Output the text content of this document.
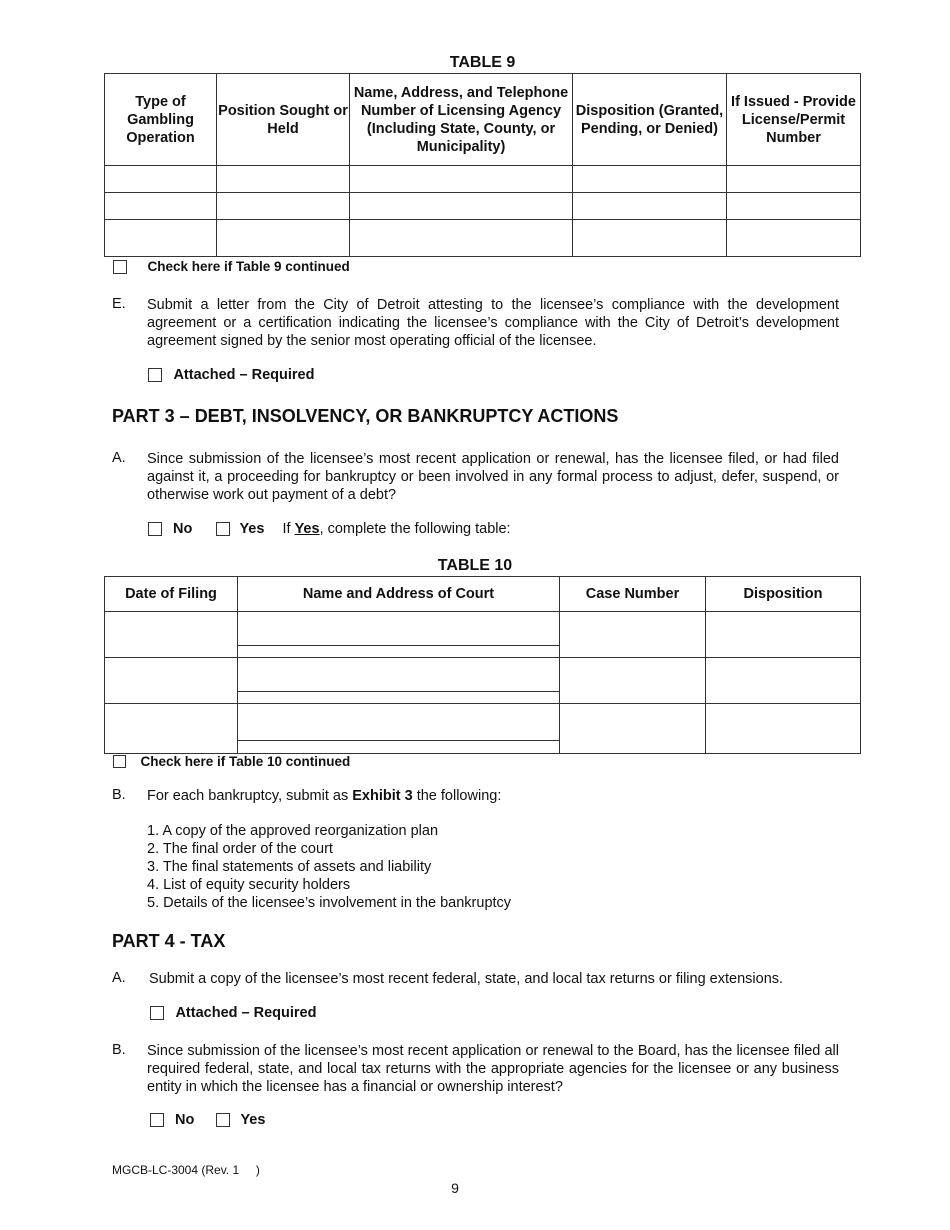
TABLE 9
Type of Gambling Operation	Position Sought or Held	Name, Address, and Telephone Number of Licensing Agency (Including State, County, or Municipality)	Disposition (Granted, Pending, or Denied)	If Issued - Provide License/Permit Number

Check here if Table 9 continued
E. Submit a letter from the City of Detroit attesting to the licensee’s compliance with the development agreement or a certification indicating the licensee’s compliance with the City of Detroit’s development agreement signed by the senior most operating official of the licensee.
Attached – Required
PART 3 – DEBT, INSOLVENCY, OR BANKRUPTCY ACTIONS
A. Since submission of the licensee’s most recent application or renewal, has the licensee filed, or had filed against it, a proceeding for bankruptcy or been involved in any formal process to adjust, defer, suspend, or otherwise work out payment of a debt?
No	Yes If Yes, complete the following table:
TABLE 10
Date of Filing	Name and Address of Court	Case Number	Disposition

Check here if Table 10 continued
B. For each bankruptcy, submit as Exhibit 3 the following:
1. A copy of the approved reorganization plan
2. The final order of the court
3. The final statements of assets and liability
4. List of equity security holders
5. Details of the licensee’s involvement in the bankruptcy
PART 4 - TAX
A. Submit a copy of the licensee’s most recent federal, state, and local tax returns or filing extensions.
Attached – Required
B. Since submission of the licensee’s most recent application or renewal to the Board, has the licensee filed all required federal, state, and local tax returns with the appropriate agencies for the licensee or any business entity in which the licensee has a financial or ownership interest?
No	Yes
MGCB-LC-3004 (Rev. 1     )
9
